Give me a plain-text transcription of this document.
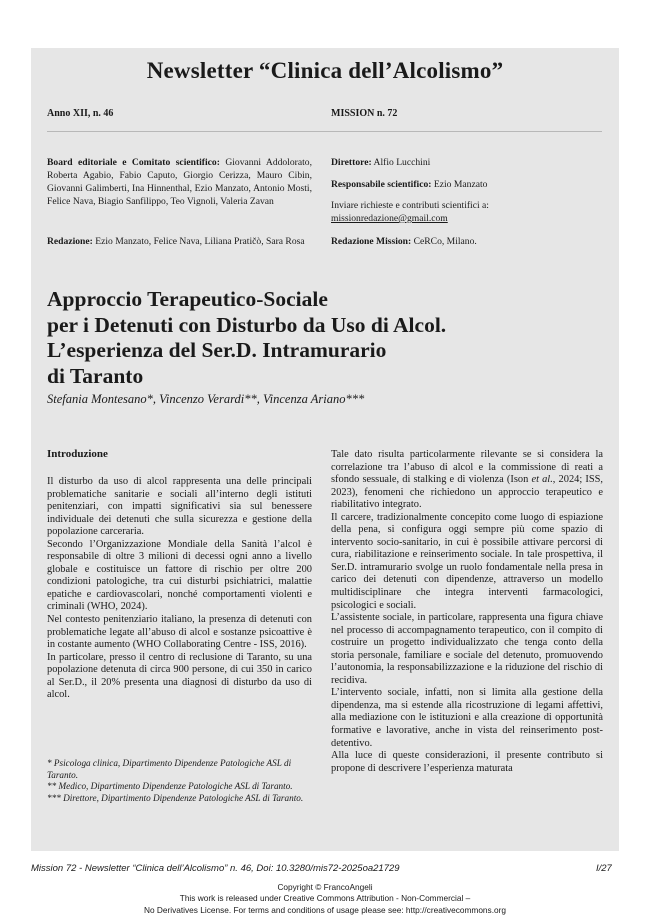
Newsletter “Clinica dell’Alcolismo”
Anno XII, n. 46	MISSION n. 72
Board editoriale e Comitato scientifico: Giovanni Addolorato, Roberta Agabio, Fabio Caputo, Giorgio Cerizza, Mauro Cibin, Giovanni Galimberti, Ina Hinnenthal, Ezio Manzato, Antonio Mosti, Felice Nava, Biagio Sanfilippo, Teo Vignoli, Valeria Zavan
Redazione: Ezio Manzato, Felice Nava, Liliana Pratičò, Sara Rosa
Direttore: Alfio Lucchini
Responsabile scientifico: Ezio Manzato
Inviare richieste e contributi scientifici a:
missionredazione@gmail.com
Redazione Mission: CeRCo, Milano.
Approccio Terapeutico-Sociale
per i Detenuti con Disturbo da Uso di Alcol.
L’esperienza del Ser.D. Intramurario
di Taranto
Stefania Montesano*, Vincenzo Verardi**, Vincenza Ariano***
Introduzione

Il disturbo da uso di alcol rappresenta una delle principali problematiche sanitarie e sociali all’interno degli istituti penitenziari, con impatti significativi sia sul benessere individuale dei detenuti che sulla sicurezza e gestione della popolazione carceraria.

Secondo l’Organizzazione Mondiale della Sanità l’alcol è responsabile di oltre 3 milioni di decessi ogni anno a livello globale e costituisce un fattore di rischio per oltre 200 condizioni patologiche, tra cui disturbi psichiatrici, malattie epatiche e cardiovascolari, nonché comportamenti violenti e criminali (WHO, 2024).

Nel contesto penitenziario italiano, la presenza di detenuti con problematiche legate all’abuso di alcol e sostanze psicoattive è in costante aumento (WHO Collaborating Centre - ISS, 2016).

In particolare, presso il centro di reclusione di Taranto, su una popolazione detenuta di circa 900 persone, di cui 350 in carico al Ser.D., il 20% presenta una diagnosi di disturbo da uso di alcol.

* Psicologa clinica, Dipartimento Dipendenze Patologiche ASL di Taranto.

** Medico, Dipartimento Dipendenze Patologiche ASL di Taranto.

*** Direttore, Dipartimento Dipendenze Patologiche ASL di Taranto.

Tale dato risulta particolarmente rilevante se si considera la correlazione tra l’abuso di alcol e la commissione di reati a sfondo sessuale, di stalking e di violenza (Ison et al., 2024; ISS, 2023), fenomeni che richiedono un approccio terapeutico e riabilitativo integrato.

Il carcere, tradizionalmente concepito come luogo di espiazione della pena, si configura oggi sempre più come spazio di intervento socio-sanitario, in cui è possibile attivare percorsi di cura, riabilitazione e reinserimento sociale. In tale prospettiva, il Ser.D. intramurario svolge un ruolo fondamentale nella presa in carico dei detenuti con dipendenze, attraverso un modello multidisciplinare che integra interventi farmacologici, psicologici e sociali.

L’assistente sociale, in particolare, rappresenta una figura chiave nel processo di accompagnamento terapeutico, con il compito di costruire un progetto individualizzato che tenga conto della storia personale, familiare e sociale del detenuto, promuovendo l’autonomia, la responsabilizzazione e la riduzione del rischio di recidiva.

L’intervento sociale, infatti, non si limita alla gestione della dipendenza, ma si estende alla ricostruzione di legami affettivi, alla mediazione con le istituzioni e alla creazione di opportunità formative e lavorative, anche in vista del reinserimento post-detentivo.

Alla luce di queste considerazioni, il presente contributo si propone di descrivere l’esperienza maturata

Mission 72 - Newsletter “Clinica dell’Alcolismo” n. 46, Doi: 10.3280/mis72-2025oa21729	I/27
Copyright © FrancoAngeli
This work is released under Creative Commons Attribution - Non-Commercial –
No Derivatives License. For terms and conditions of usage please see: http://creativecommons.org
